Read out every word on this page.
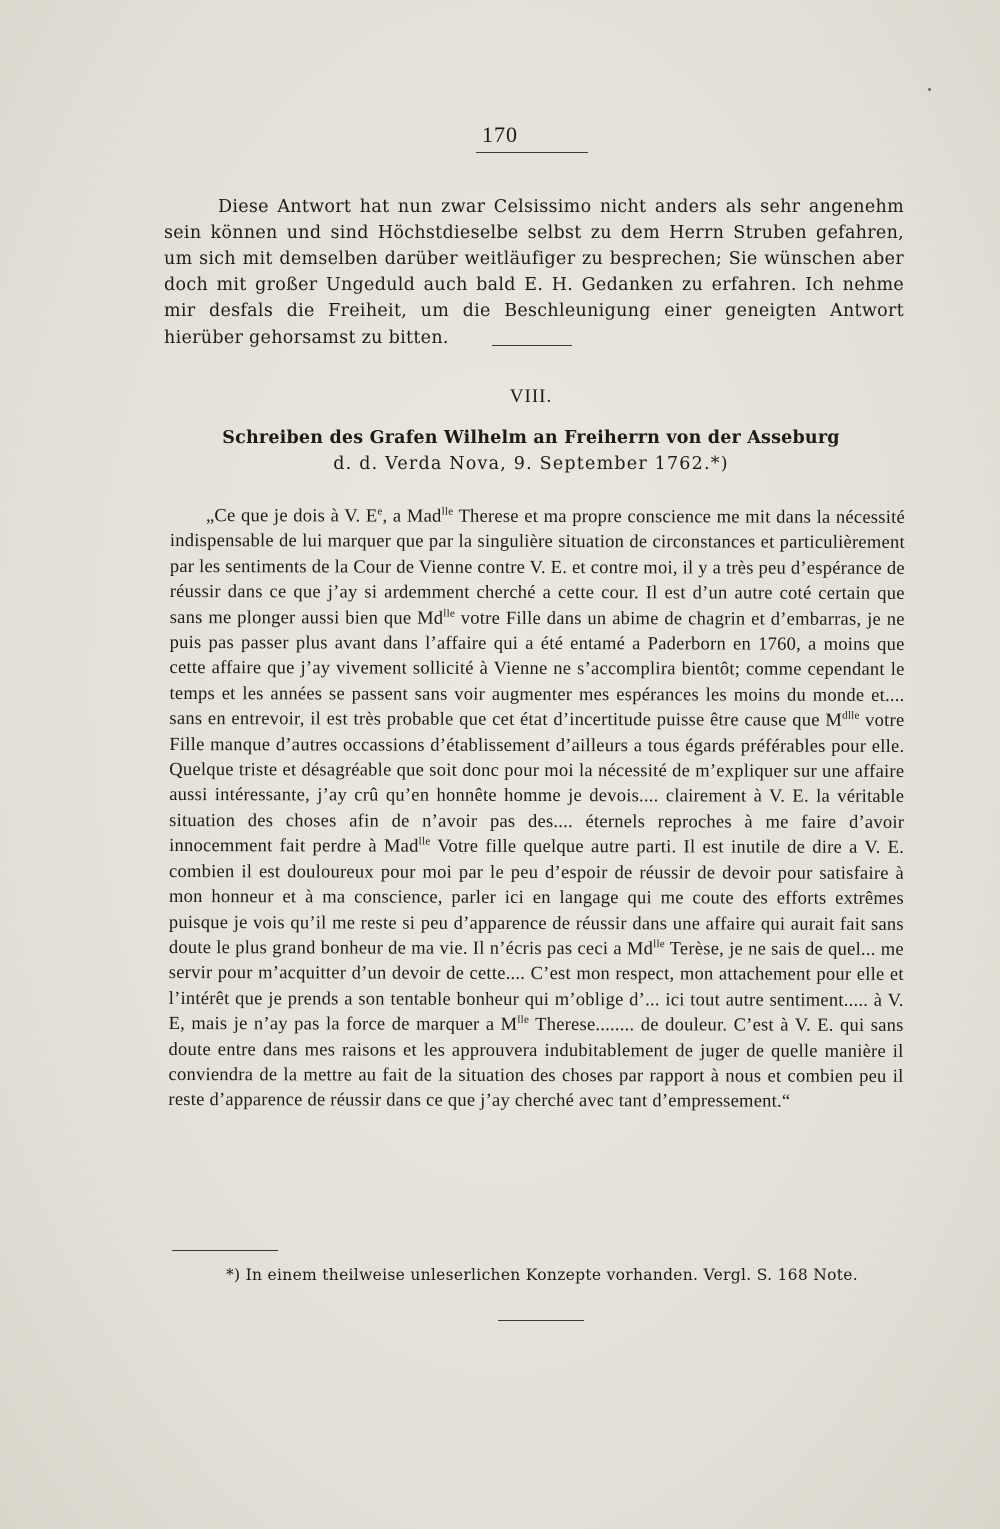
170

Diese Antwort hat nun zwar Celsissimo nicht anders als sehr angenehm sein können und sind Höchstdieselbe selbst zu dem Herrn Struben gefahren, um sich mit demselben darüber weitläufiger zu besprechen; Sie wünschen aber doch mit großer Ungeduld auch bald E. H. Gedanken zu erfahren. Ich nehme mir desfals die Freiheit, um die Beschleunigung einer geneigten Antwort hierüber gehorsamst zu bitten.

VIII.
Schreiben des Grafen Wilhelm an Freiherrn von der Asseburg
d. d. Verda Nova, 9. September 1762.*)

„Ce que je dois à V. $E^e$, a Mad$^{lle}$ Therese et ma propre conscience me mit dans la nécessité indispensable de lui marquer que par la singulière situation de circonstances et particulièrement par les sentiments de la Cour de Vienne contre V. E. et contre moi, il y a très peu d’espérance de réussir dans ce que j’ay si ardemment cherché a cette cour. Il est d’un autre coté certain que sans me plonger aussi bien que $Md^{lle}$ votre Fille dans un abime de chagrin et d’embarras, je ne puis pas passer plus avant dans l’affaire qui a été entamé a Paderborn en 1760, a moins que cette affaire que j’ay vivement sollicité à Vienne ne s’accomplira bientôt; comme cependant le temps et les années se passent sans voir augmenter mes espérances les moins du monde et.... sans en entrevoir, il est très probable que cet état d’incertitude puisse être cause que $M^{dlle}$ votre Fille manque d’autres occassions d’établissement d’ailleurs a tous égards préférables pour elle. Quelque triste et désagréable que soit donc pour moi la nécessité de m’expliquer sur une affaire aussi intéressante, j’ay crû qu’en honnête homme je devois.... clairement à V. E. la véritable situation des choses afin de n’avoir pas des.... éternels reproches à me faire d’avoir innocemment fait perdre à Mad$^{lle}$ Votre fille quelque autre parti. Il est inutile de dire a V. E. combien il est douloureux pour moi par le peu d’espoir de réussir de devoir pour satisfaire à mon honneur et à ma conscience, parler ici en langage qui me coute des efforts extrêmes puisque je vois qu’il me reste si peu d’apparence de réussir dans une affaire qui aurait fait sans doute le plus grand bonheur de ma vie. Il n’écris pas ceci a $Md^{lle}$ Terèse, je ne sais de quel... me servir pour m’acquitter d’un devoir de cette.... C’est mon respect, mon attachement pour elle et l’intérêt que je prends a son tentable bonheur qui m’oblige d’... ici tout autre sentiment..... à V. E, mais je n’ay pas la force de marquer a $M^{lle}$ Therese........ de douleur. C’est à V. E. qui sans doute entre dans mes raisons et les approuvera indubitablement de juger de quelle manière il conviendra de la mettre au fait de la situation des choses par rapport à nous et combien peu il reste d’apparence de réussir dans ce que j’ay cherché avec tant d’empressement.“

*) In einem theilweise unleserlichen Konzepte vorhanden. Vergl. S. 168 Note.
